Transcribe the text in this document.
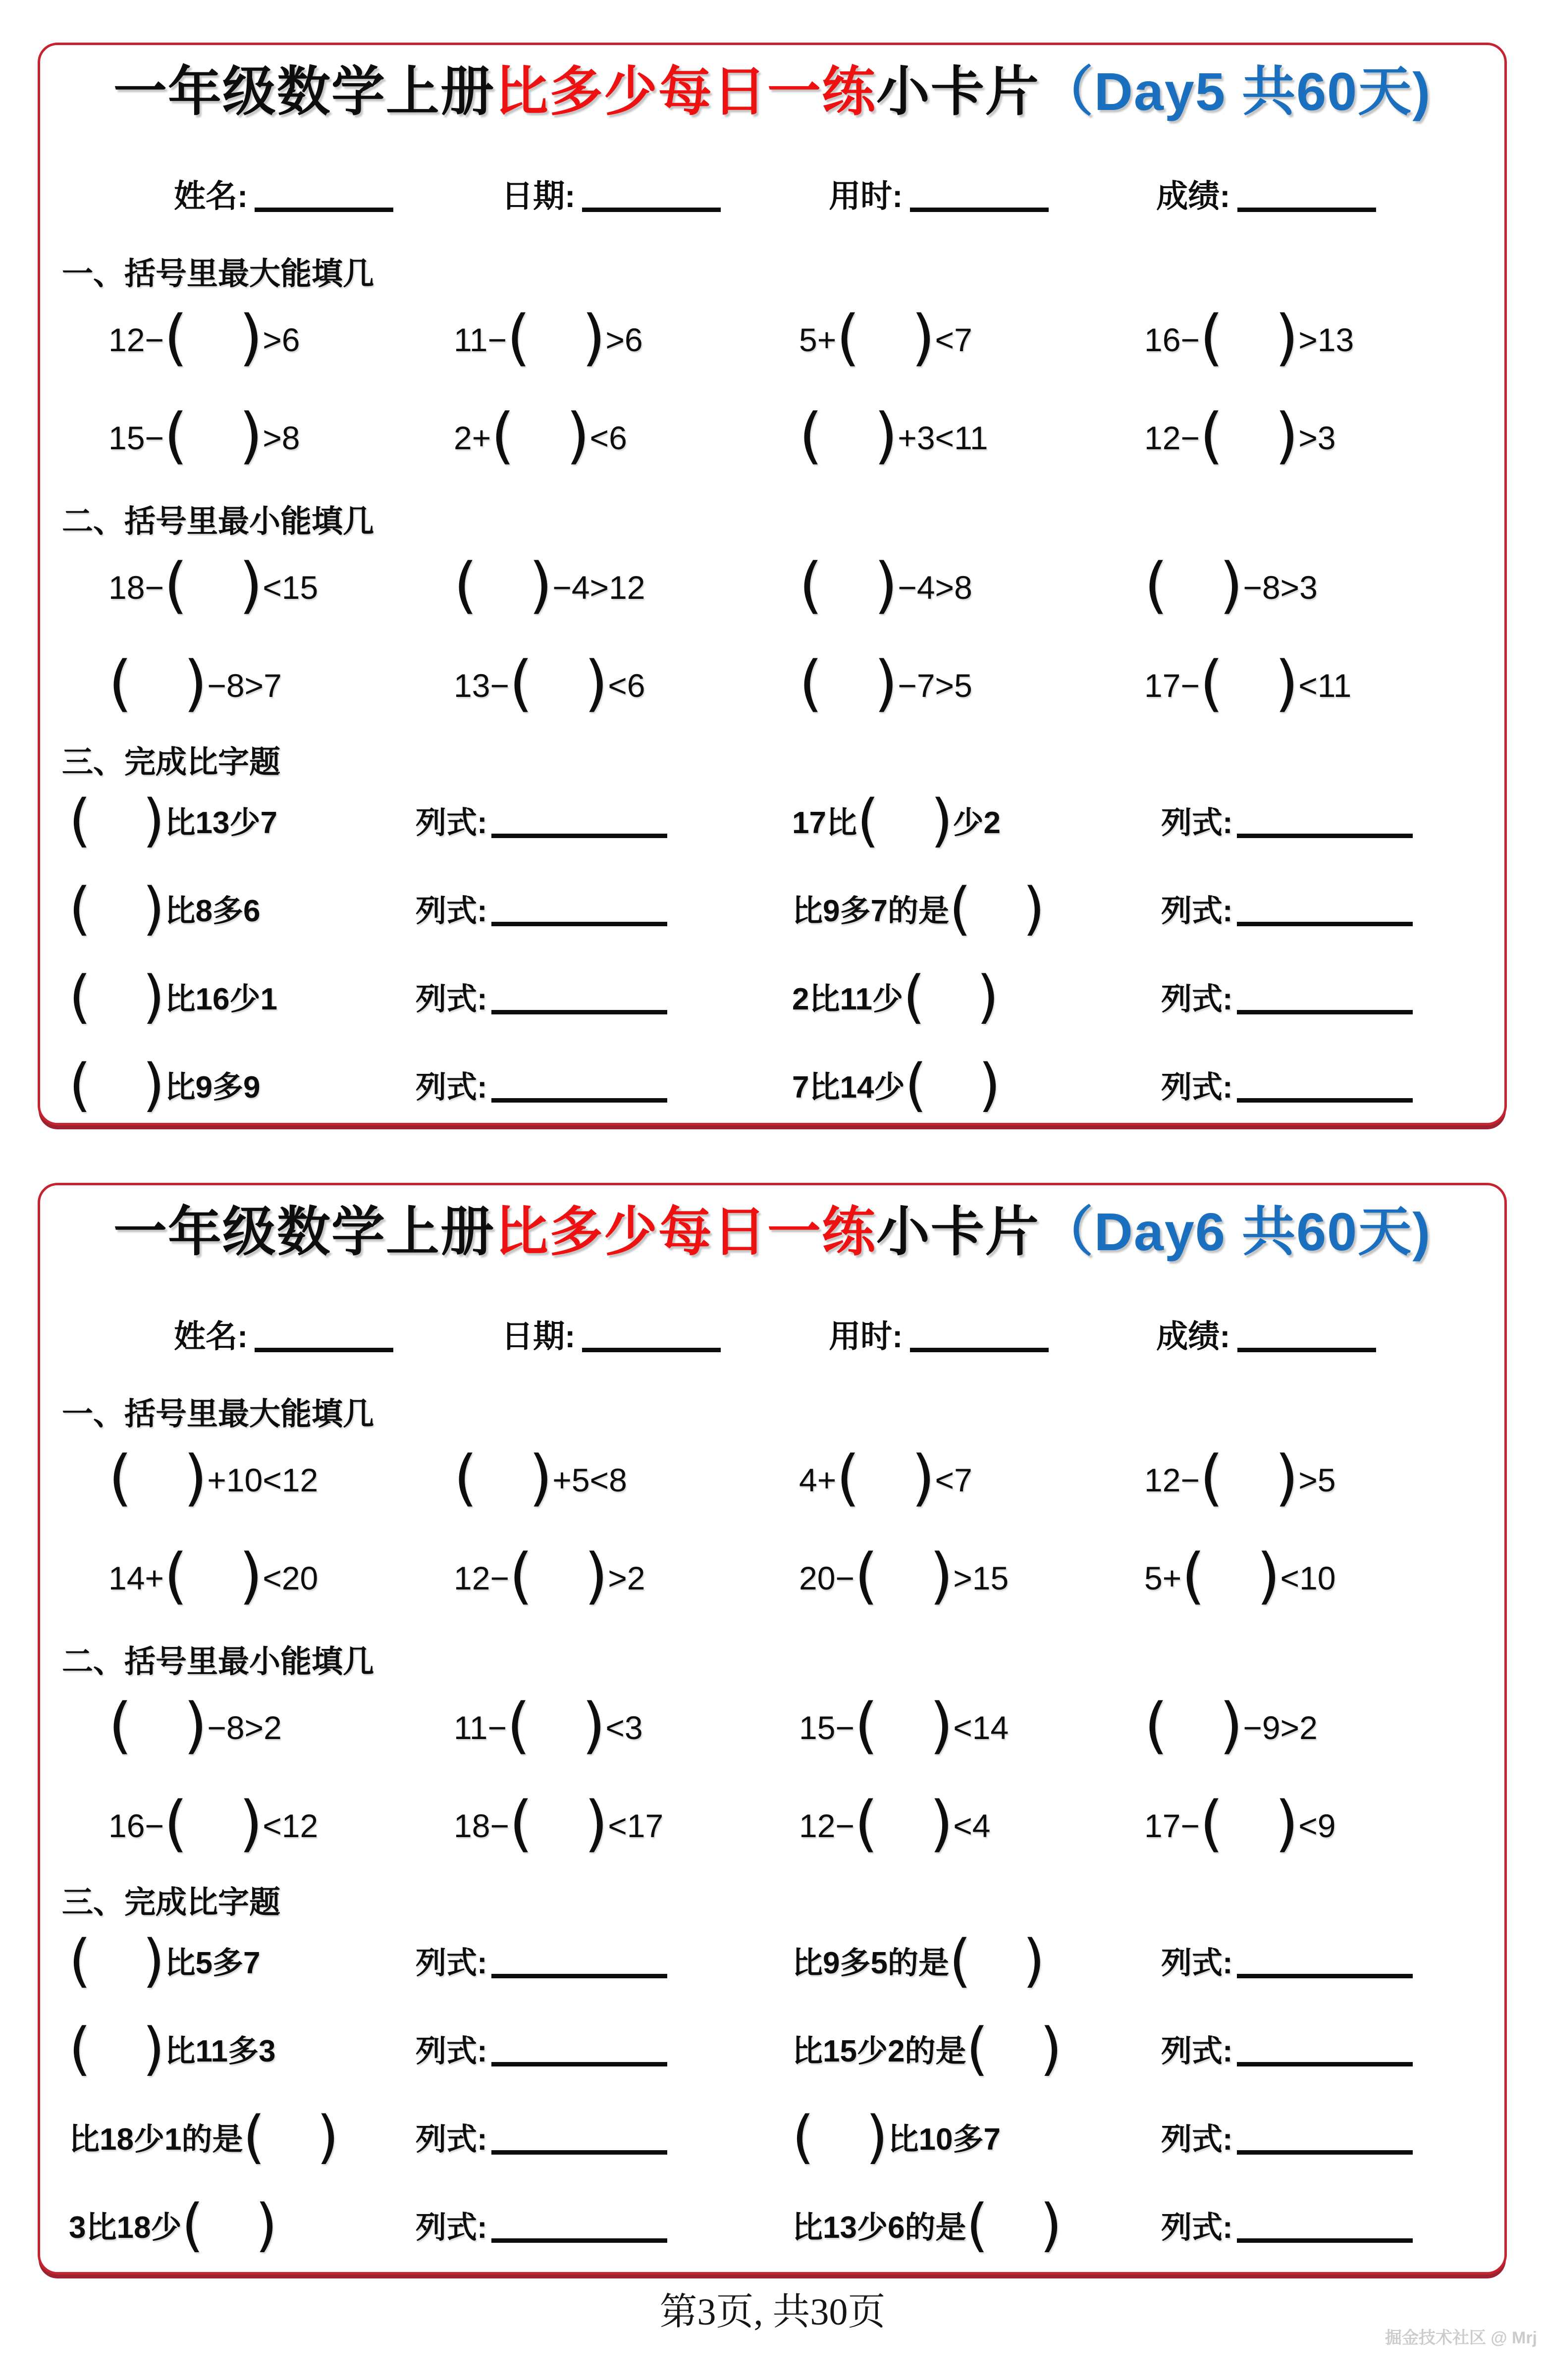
一年级数学上册比多少每日一练小卡片（Day5 共60天)
姓名:	日期:	用时:	成绩:
一、括号里最大能填几
12−( )>6	11−( )>6	5+( )<7	16−( )>13
15−( )>8	2+( )<6	( )+3<11	12−( )>3
二、括号里最小能填几
18−( )<15	( )−4>12	( )−4>8	( )−8>3
( )−8>7	13−( )<6	( )−7>5	17−( )<11
三、完成比字题
( )比13少7	列式:	17比( )少2	列式:
( )比8多6	列式:	比9多7的是( )	列式:
( )比16少1	列式:	2比11少( )	列式:
( )比9多9	列式:	7比14少( )	列式:
一年级数学上册比多少每日一练小卡片（Day6 共60天)
姓名:	日期:	用时:	成绩:
一、括号里最大能填几
( )+10<12	( )+5<8	4+( )<7	12−( )>5
14+( )<20	12−( )>2	20−( )>15	5+( )<10
二、括号里最小能填几
( )−8>2	11−( )<3	15−( )<14	( )−9>2
16−( )<12	18−( )<17	12−( )<4	17−( )<9
三、完成比字题
( )比5多7	列式:	比9多5的是( )	列式:
( )比11多3	列式:	比15少2的是( )	列式:
比18少1的是( )	列式:	( )比10多7	列式:
3比18少( )	列式:	比13少6的是( )	列式:
第3页, 共30页
掘金技术社区 @ Mrj
